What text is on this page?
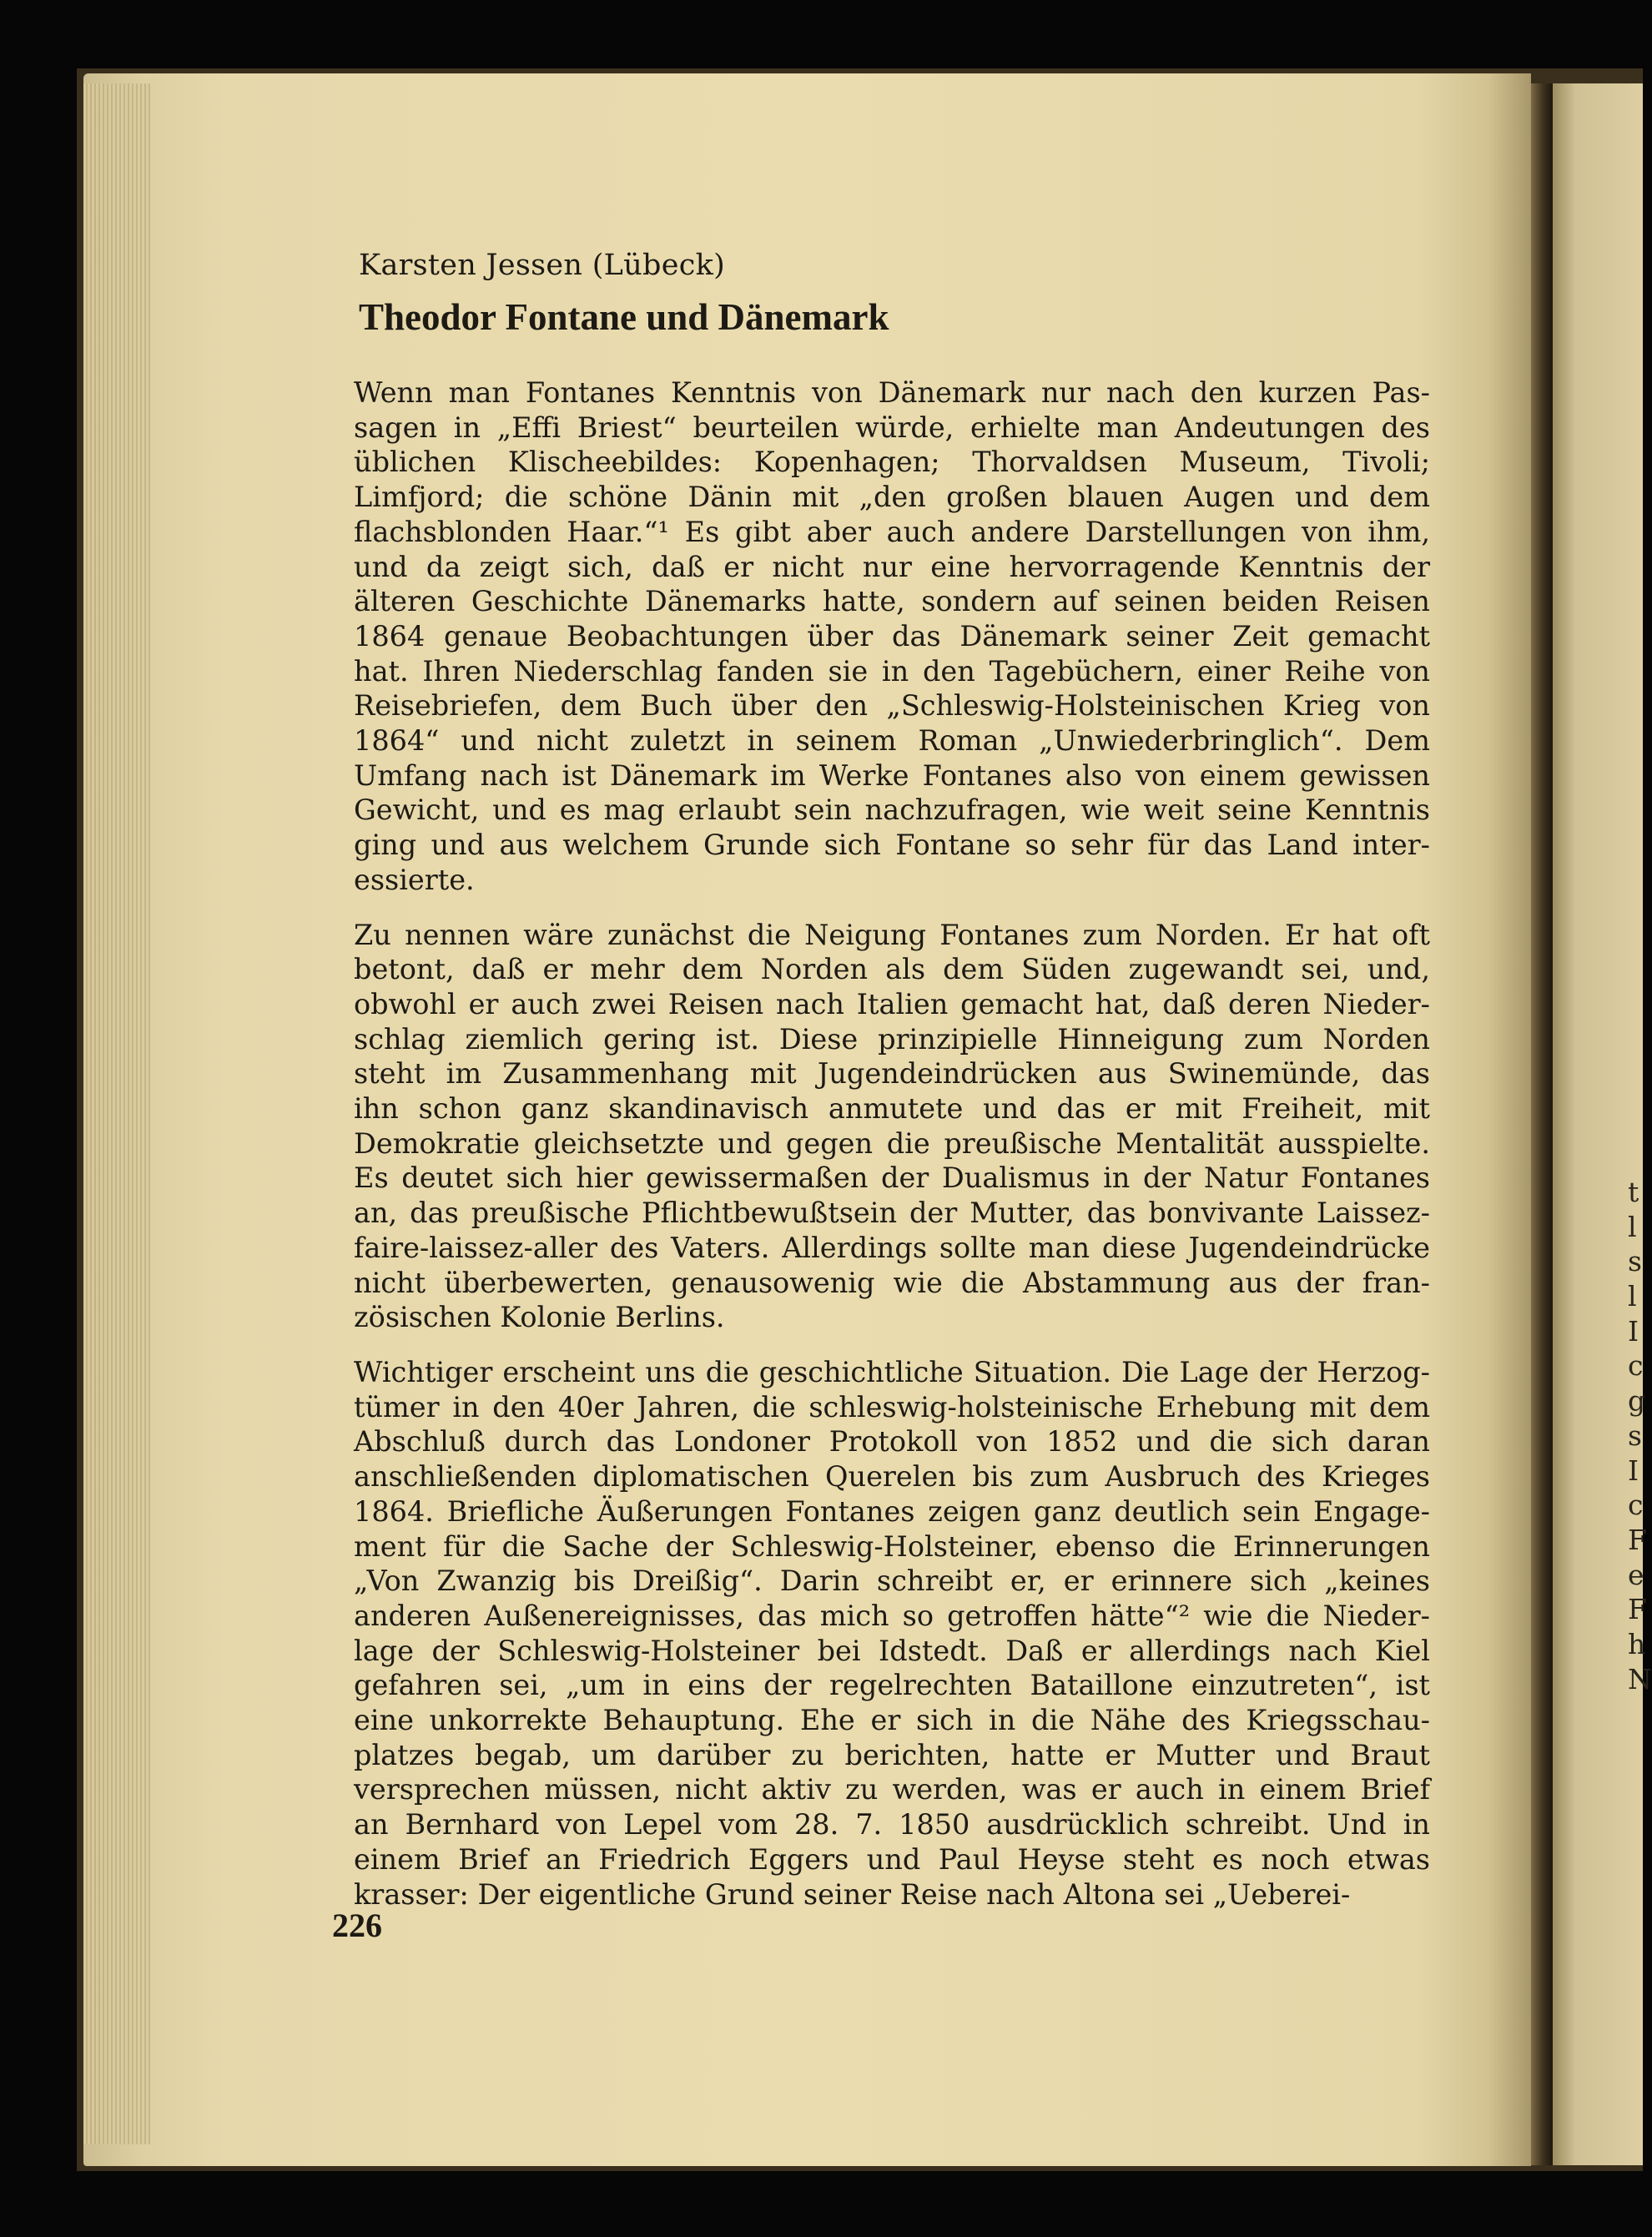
t
l
s
l
I
c
g
s
I
c
F
e
F
h
N
Karsten Jessen (Lübeck)
Theodor Fontane und Dänemark
Wenn man Fontanes Kenntnis von Dänemark nur nach den kurzen Pas-
sagen in „Effi Briest“ beurteilen würde, erhielte man Andeutungen des
üblichen Klischeebildes: Kopenhagen; Thorvaldsen Museum, Tivoli;
Limfjord; die schöne Dänin mit „den großen blauen Augen und dem
flachsblonden Haar.“¹ Es gibt aber auch andere Darstellungen von ihm,
und da zeigt sich, daß er nicht nur eine hervorragende Kenntnis der
älteren Geschichte Dänemarks hatte, sondern auf seinen beiden Reisen
1864 genaue Beobachtungen über das Dänemark seiner Zeit gemacht
hat. Ihren Niederschlag fanden sie in den Tagebüchern, einer Reihe von
Reisebriefen, dem Buch über den „Schleswig-Holsteinischen Krieg von
1864“ und nicht zuletzt in seinem Roman „Unwiederbringlich“. Dem
Umfang nach ist Dänemark im Werke Fontanes also von einem gewissen
Gewicht, und es mag erlaubt sein nachzufragen, wie weit seine Kenntnis
ging und aus welchem Grunde sich Fontane so sehr für das Land inter-
essierte.
Zu nennen wäre zunächst die Neigung Fontanes zum Norden. Er hat oft
betont, daß er mehr dem Norden als dem Süden zugewandt sei, und,
obwohl er auch zwei Reisen nach Italien gemacht hat, daß deren Nieder-
schlag ziemlich gering ist. Diese prinzipielle Hinneigung zum Norden
steht im Zusammenhang mit Jugendeindrücken aus Swinemünde, das
ihn schon ganz skandinavisch anmutete und das er mit Freiheit, mit
Demokratie gleichsetzte und gegen die preußische Mentalität ausspielte.
Es deutet sich hier gewissermaßen der Dualismus in der Natur Fontanes
an, das preußische Pflichtbewußtsein der Mutter, das bonvivante Laissez-
faire-laissez-aller des Vaters. Allerdings sollte man diese Jugendeindrücke
nicht überbewerten, genausowenig wie die Abstammung aus der fran-
zösischen Kolonie Berlins.
Wichtiger erscheint uns die geschichtliche Situation. Die Lage der Herzog-
tümer in den 40er Jahren, die schleswig-holsteinische Erhebung mit dem
Abschluß durch das Londoner Protokoll von 1852 und die sich daran
anschließenden diplomatischen Querelen bis zum Ausbruch des Krieges
1864. Briefliche Äußerungen Fontanes zeigen ganz deutlich sein Engage-
ment für die Sache der Schleswig-Holsteiner, ebenso die Erinnerungen
„Von Zwanzig bis Dreißig“. Darin schreibt er, er erinnere sich „keines
anderen Außenereignisses, das mich so getroffen hätte“² wie die Nieder-
lage der Schleswig-Holsteiner bei Idstedt. Daß er allerdings nach Kiel
gefahren sei, „um in eins der regelrechten Bataillone einzutreten“, ist
eine unkorrekte Behauptung. Ehe er sich in die Nähe des Kriegsschau-
platzes begab, um darüber zu berichten, hatte er Mutter und Braut
versprechen müssen, nicht aktiv zu werden, was er auch in einem Brief
an Bernhard von Lepel vom 28. 7. 1850 ausdrücklich schreibt. Und in
einem Brief an Friedrich Eggers und Paul Heyse steht es noch etwas
krasser: Der eigentliche Grund seiner Reise nach Altona sei „Ueberei-
226
